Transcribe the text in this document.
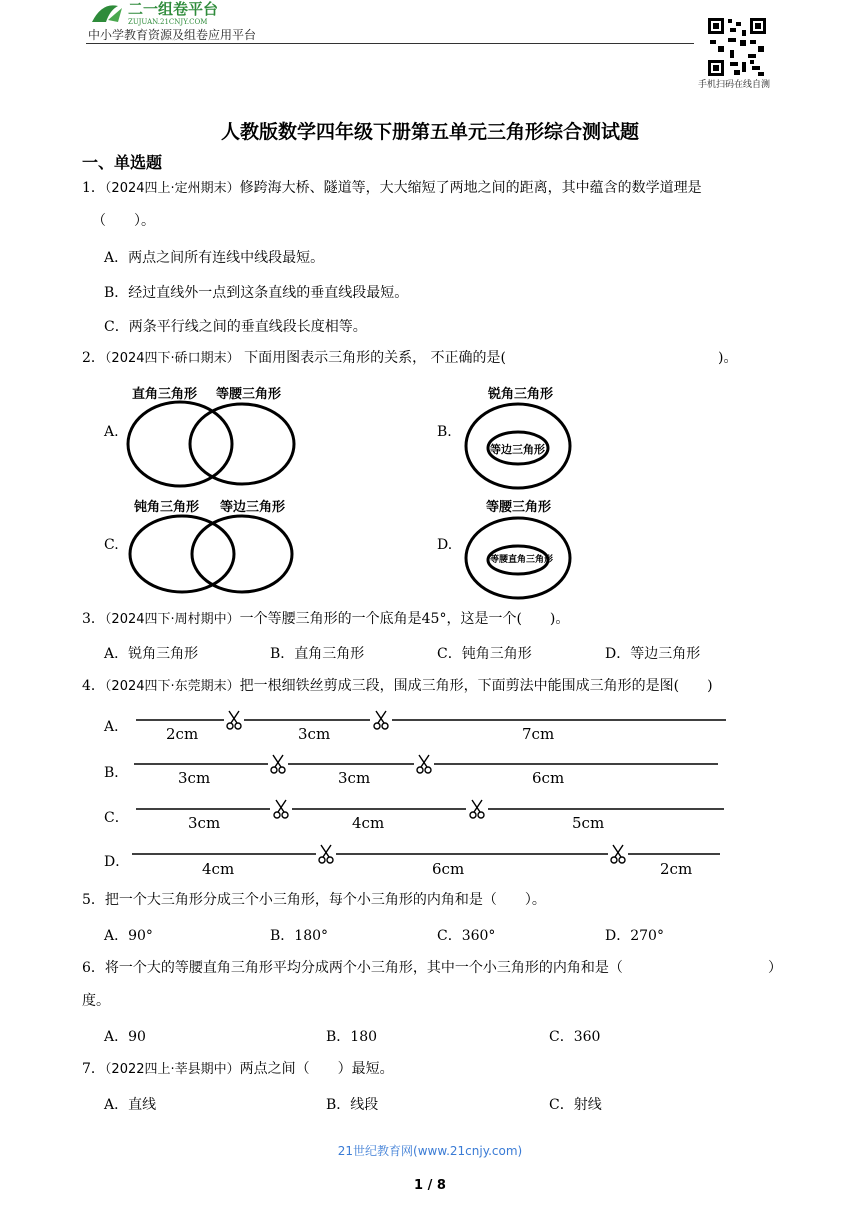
二一组卷平台
ZUJUAN.21CNJY.COM
中小学教育资源及组卷应用平台
手机扫码在线自测
人教版数学四年级下册第五单元三角形综合测试题
一、单选题
1．（2024四上·定州期末）修跨海大桥、隧道等，大大缩短了两地之间的距离，其中蕴含的数学道理是
（　　）。
A．两点之间所有连线中线段最短。
B．经过直线外一点到这条直线的垂直线段最短。
C．两条平行线之间的垂直线段长度相等。
2．（2024四下·硚口期末） 下面用图表示三角形的关系， 不正确的是(	)。
A.
直角三角形 等腰三角形
B.
锐角三角形
等边三角形
C.
钝角三角形 等边三角形
D.
等腰三角形
等腰直角三角形
3．（2024四下·周村期中）一个等腰三角形的一个底角是45°，这是一个(　　)。
A．锐角三角形	B．直角三角形	C．钝角三角形	D．等边三角形
4．（2024四下·东莞期末）把一根细铁丝剪成三段，围成三角形，下面剪法中能围成三角形的是图(　　)
A．	2cm	3cm	7cm
B．	3cm	3cm	6cm
C．	3cm	4cm	5cm
D．	4cm	6cm	2cm
5．把一个大三角形分成三个小三角形，每个小三角形的内角和是（　　）。
A．90°	B．180°	C．360°	D．270°
6．将一个大的等腰直角三角形平均分成两个小三角形，其中一个小三角形的内角和是（	）
度。
A．90	B．180	C．360
7．（2022四上·莘县期中）两点之间（　　）最短。
A．直线	B．线段	C．射线
21世纪教育网(www.21cnjy.com)
1 / 8
